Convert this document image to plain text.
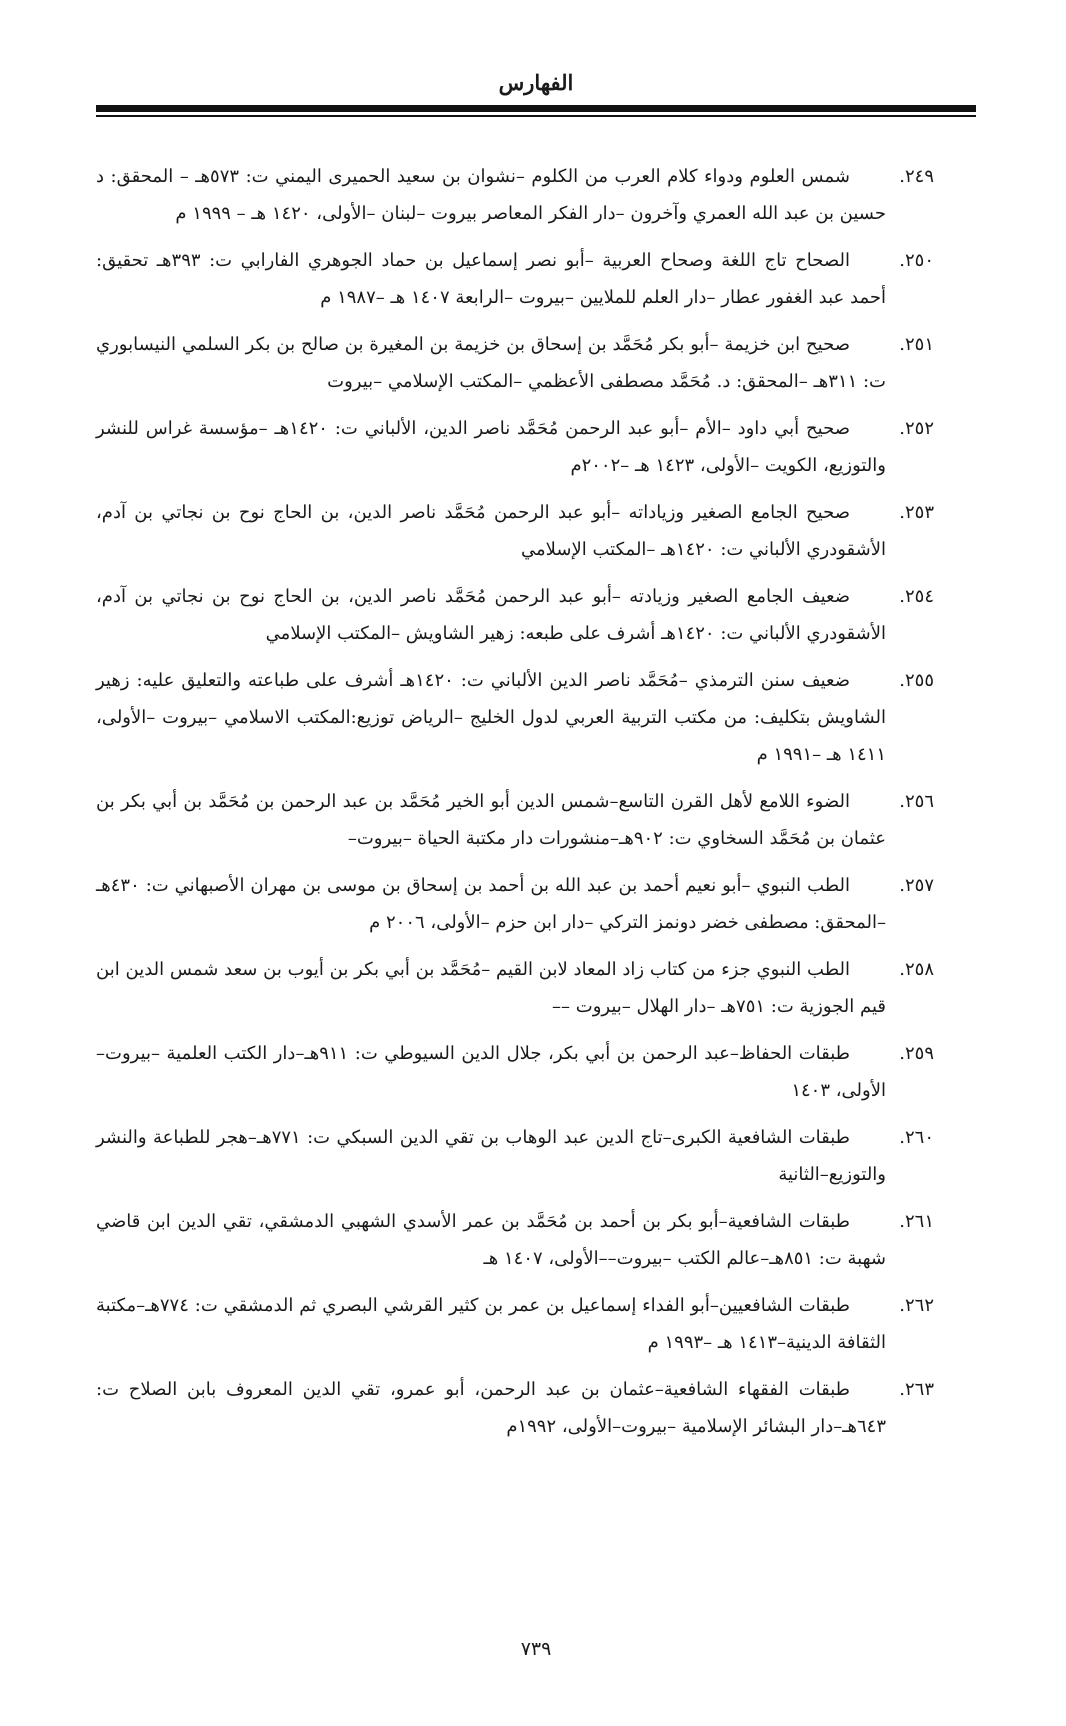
الفهارس
٢٤٩.
شمس العلوم ودواء كلام العرب من الكلوم –نشوان بن سعيد الحميرى اليمني ت: ٥٧٣هـ – المحقق: د حسين بن عبد الله العمري وآخرون –دار الفكر المعاصر بيروت –لبنان –الأولى، ١٤٢٠ هـ – ١٩٩٩ م
٢٥٠.
الصحاح تاج اللغة وصحاح العربية –أبو نصر إسماعيل بن حماد الجوهري الفارابي ت: ٣٩٣هـ تحقيق: أحمد عبد الغفور عطار –دار العلم للملايين –بيروت –الرابعة ١٤٠٧ هـ –١٩٨٧ م
٢٥١.
صحيح ابن خزيمة –أبو بكر مُحَمَّد بن إسحاق بن خزيمة بن المغيرة بن صالح بن بكر السلمي النيسابوري ت: ٣١١هـ –المحقق: د. مُحَمَّد مصطفى الأعظمي –المكتب الإسلامي –بيروت
٢٥٢.
صحيح أبي داود –الأم –أبو عبد الرحمن مُحَمَّد ناصر الدين، الألباني ت: ١٤٢٠هـ –مؤسسة غراس للنشر والتوزيع، الكويت –الأولى، ١٤٢٣ هـ –٢٠٠٢م
٢٥٣.
صحيح الجامع الصغير وزياداته –أبو عبد الرحمن مُحَمَّد ناصر الدين، بن الحاج نوح بن نجاتي بن آدم، الأشقودري الألباني ت: ١٤٢٠هـ –المكتب الإسلامي
٢٥٤.
ضعيف الجامع الصغير وزيادته –أبو عبد الرحمن مُحَمَّد ناصر الدين، بن الحاج نوح بن نجاتي بن آدم، الأشقودري الألباني ت: ١٤٢٠هـ أشرف على طبعه: زهير الشاويش –المكتب الإسلامي
٢٥٥.
ضعيف سنن الترمذي –مُحَمَّد ناصر الدين الألباني ت: ١٤٢٠هـ أشرف على طباعته والتعليق عليه: زهير الشاويش بتكليف: من مكتب التربية العربي لدول الخليج –الرياض توزيع:المكتب الاسلامي –بيروت –الأولى، ١٤١١ هـ –١٩٩١ م
٢٥٦.
الضوء اللامع لأهل القرن التاسع–شمس الدين أبو الخير مُحَمَّد بن عبد الرحمن بن مُحَمَّد بن أبي بكر بن عثمان بن مُحَمَّد السخاوي ت: ٩٠٢هـ–منشورات دار مكتبة الحياة –بيروت–
٢٥٧.
الطب النبوي –أبو نعيم أحمد بن عبد الله بن أحمد بن إسحاق بن موسى بن مهران الأصبهاني ت: ٤٣٠هـ –المحقق: مصطفى خضر دونمز التركي –دار ابن حزم –الأولى، ٢٠٠٦ م
٢٥٨.
الطب النبوي جزء من كتاب زاد المعاد لابن القيم –مُحَمَّد بن أبي بكر بن أيوب بن سعد شمس الدين ابن قيم الجوزية ت: ٧٥١هـ –دار الهلال –بيروت ––
٢٥٩.
طبقات الحفاظ–عبد الرحمن بن أبي بكر، جلال الدين السيوطي ت: ٩١١هـ–دار الكتب العلمية –بيروت–الأولى، ١٤٠٣
٢٦٠.
طبقات الشافعية الكبرى–تاج الدين عبد الوهاب بن تقي الدين السبكي ت: ٧٧١هـ–هجر للطباعة والنشر والتوزيع–الثانية
٢٦١.
طبقات الشافعية–أبو بكر بن أحمد بن مُحَمَّد بن عمر الأسدي الشهبي الدمشقي، تقي الدين ابن قاضي شهبة ت: ٨٥١هـ–عالم الكتب –بيروت––الأولى، ١٤٠٧ هـ
٢٦٢.
طبقات الشافعيين–أبو الفداء إسماعيل بن عمر بن كثير القرشي البصري ثم الدمشقي ت: ٧٧٤هـ–مكتبة الثقافة الدينية–١٤١٣ هـ –١٩٩٣ م
٢٦٣.
طبقات الفقهاء الشافعية–عثمان بن عبد الرحمن، أبو عمرو، تقي الدين المعروف بابن الصلاح ت: ٦٤٣هـ–دار البشائر الإسلامية –بيروت–الأولى، ١٩٩٢م
٧٣٩
